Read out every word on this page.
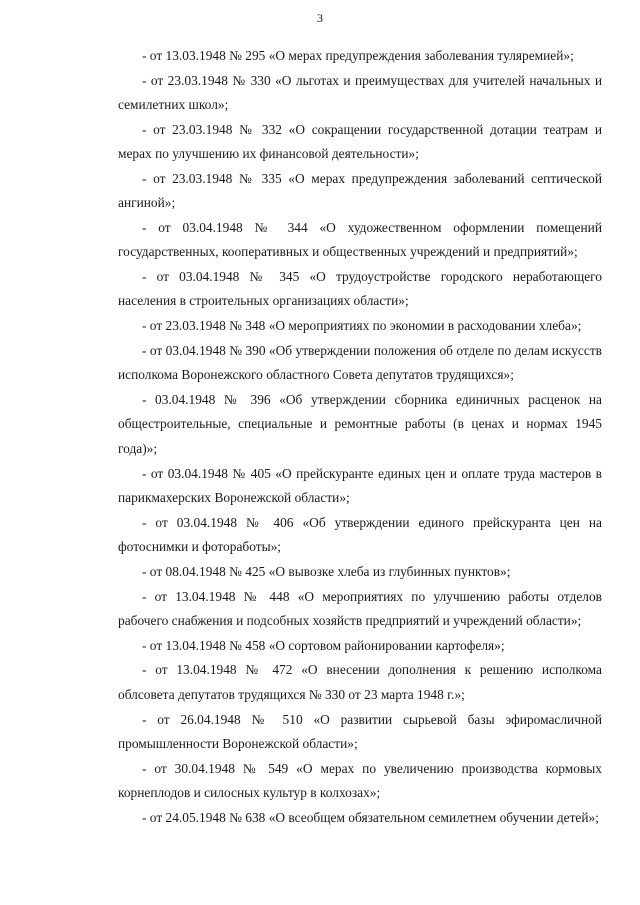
3
- от 13.03.1948 № 295 «О мерах предупреждения заболевания туляремией»;
- от 23.03.1948 № 330 «О льготах и преимуществах для учителей начальных и семилетних школ»;
- от 23.03.1948 № 332 «О сокращении государственной дотации театрам и мерах по улучшению их финансовой деятельности»;
- от 23.03.1948 № 335 «О мерах предупреждения заболеваний септической ангиной»;
- от 03.04.1948 № 344 «О художественном оформлении помещений государственных, кооперативных и общественных учреждений и предприятий»;
- от 03.04.1948 № 345 «О трудоустройстве городского неработающего населения в строительных организациях области»;
- от 23.03.1948 № 348 «О мероприятиях по экономии в расходовании хлеба»;
- от 03.04.1948 № 390 «Об утверждении положения об отделе по делам искусств исполкома Воронежского областного Совета депутатов трудящихся»;
- 03.04.1948 № 396 «Об утверждении сборника единичных расценок на общестроительные, специальные и ремонтные работы (в ценах и нормах 1945 года)»;
- от 03.04.1948 № 405 «О прейскуранте единых цен и оплате труда мастеров в парикмахерских Воронежской области»;
- от 03.04.1948 № 406 «Об утверждении единого прейскуранта цен на фотоснимки и фотоработы»;
- от 08.04.1948 № 425 «О вывозке хлеба из глубинных пунктов»;
- от 13.04.1948 № 448 «О мероприятиях по улучшению работы отделов рабочего снабжения и подсобных хозяйств предприятий и учреждений области»;
- от 13.04.1948 № 458 «О сортовом районировании картофеля»;
- от 13.04.1948 № 472 «О внесении дополнения к решению исполкома облсовета депутатов трудящихся № 330 от 23 марта 1948 г.»;
- от 26.04.1948 № 510 «О развитии сырьевой базы эфиромасличной промышленности Воронежской области»;
- от 30.04.1948 № 549 «О мерах по увеличению производства кормовых корнеплодов и силосных культур в колхозах»;
- от 24.05.1948 № 638 «О всеобщем обязательном семилетнем обучении детей»;
